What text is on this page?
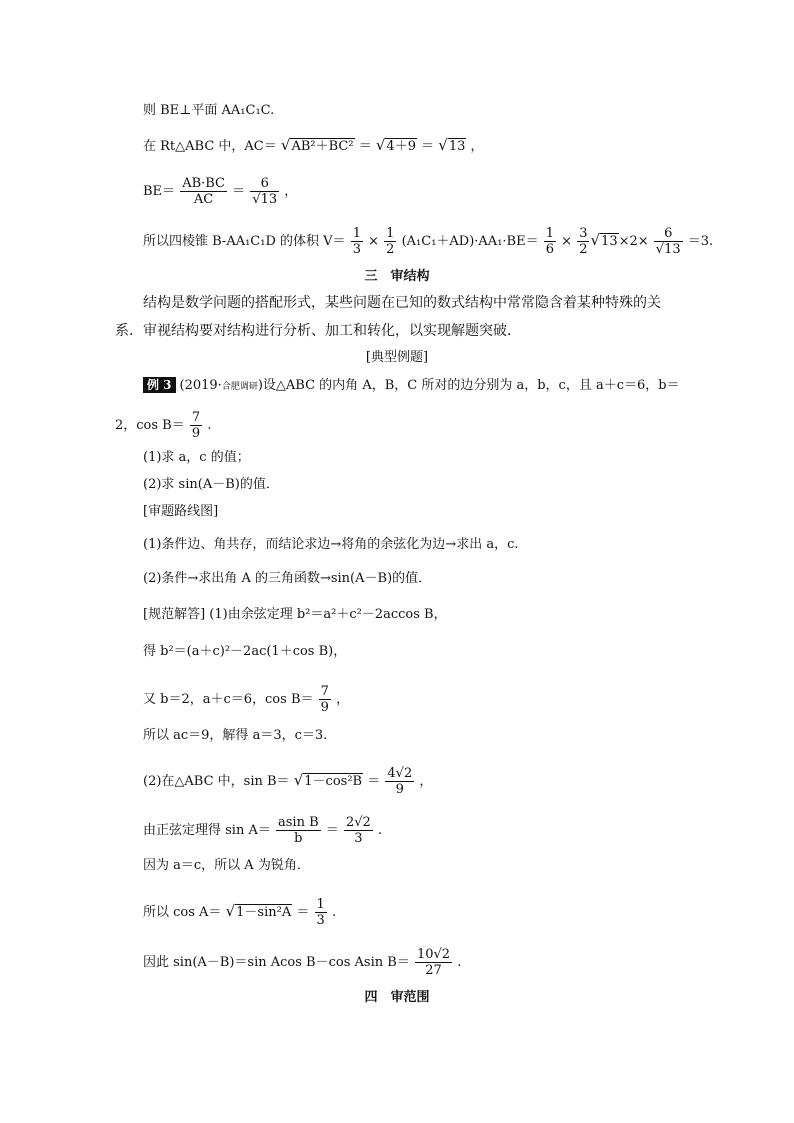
则 BE⊥平面 AA₁C₁C.
在 Rt△ABC 中，AC＝ √AB²＋BC² ＝ √4＋9 ＝ √13 ，
$BE= \frac{AB\cdot BC}{AC} = \frac{6}{√13}$ ，
所以四棱锥 B-AA₁C₁D 的体积 $V= \frac{1}{3} \times \frac{1}{2} (A_1C_1+AD)\cdot AA_1\cdot BE= \frac{1}{6} \times \frac{3}{2} √13\times 2\times \frac{6}{√13} =3$.
三　审结构
结构是数学问题的搭配形式，某些问题在已知的数式结构中常常隐含着某种特殊的关
系．审视结构要对结构进行分析、加工和转化，以实现解题突破．
[典型例题]
例 3 (2019·合肥调研)设△ABC 的内角 A，B，C 所对的边分别为 a，b，c，且 a＋c＝6，b＝
2，$\cos B= \frac{7}{9}$ .
(1)求 a，c 的值；
(2)求 sin(A－B)的值．
[审题路线图]
(1)条件边、角共存，而结论求边→将角的余弦化为边→求出 a，c.
(2)条件→求出角 A 的三角函数→sin(A－B)的值．
[规范解答] (1)由余弦定理 b²＝a²＋c²－2accos B，
得 b²＝(a＋c)²－2ac(1＋cos B)，
又 b＝2，a＋c＝6，$\cos B= \frac{7}{9}$ ，
所以 ac＝9，解得 a＝3，c＝3.
(2)在△ABC 中，$\sin B= √1-\cos^2B = \frac{4√2}{9}$ ，
由正弦定理得 $\sin A= \frac{\text{asin B}}{b} = \frac{2√2}{3}$ .
因为 a＝c，所以 A 为锐角．
所以 $\cos A= √1-\sin^2A = \frac{1}{3}$ .
因此 sin(A－B)＝sin Acos B－cos Asin $B= \frac{10√2}{27}$ .
四　审范围
